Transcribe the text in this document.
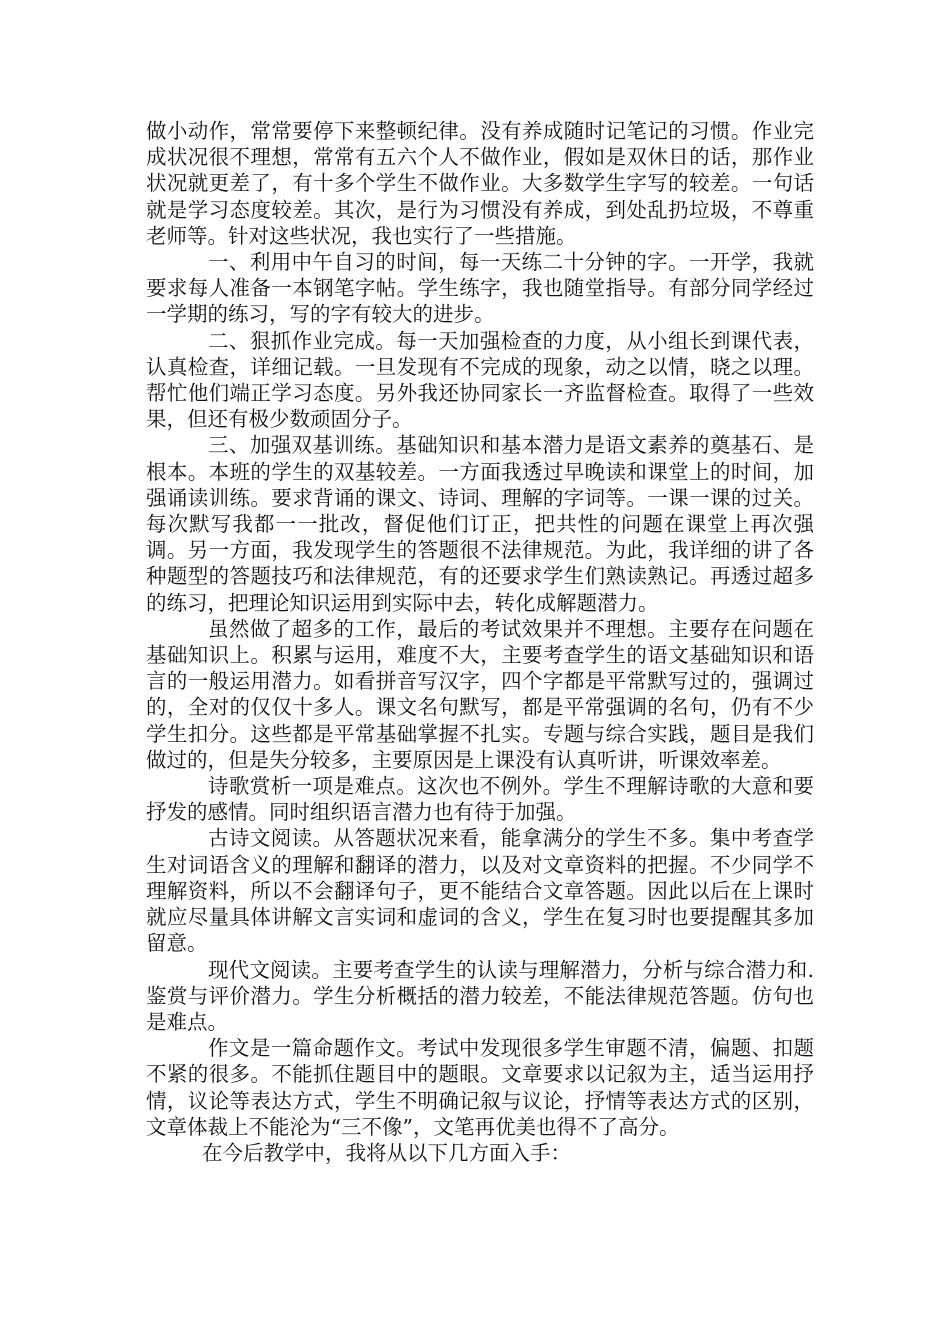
做小动作，常常要停下来整顿纪律。没有养成随时记笔记的习惯。作业完成状况很不理想，常常有五六个人不做作业，假如是双休日的话，那作业状况就更差了，有十多个学生不做作业。大多数学生字写的较差。一句话就是学习态度较差。其次，是行为习惯没有养成，到处乱扔垃圾，不尊重老师等。针对这些状况，我也实行了一些措施。

一、利用中午自习的时间，每一天练二十分钟的字。一开学，我就要求每人准备一本钢笔字帖。学生练字，我也随堂指导。有部分同学经过一学期的练习，写的字有较大的进步。

二、狠抓作业完成。每一天加强检查的力度，从小组长到课代表，认真检查，详细记载。一旦发现有不完成的现象，动之以情，晓之以理。帮忙他们端正学习态度。另外我还协同家长一齐监督检查。取得了一些效果，但还有极少数顽固分子。

三、加强双基训练。基础知识和基本潜力是语文素养的奠基石、是根本。本班的学生的双基较差。一方面我透过早晚读和课堂上的时间，加强诵读训练。要求背诵的课文、诗词、理解的字词等。一课一课的过关。每次默写我都一一批改，督促他们订正，把共性的问题在课堂上再次强调。另一方面，我发现学生的答题很不法律规范。为此，我详细的讲了各种题型的答题技巧和法律规范，有的还要求学生们熟读熟记。再透过超多的练习，把理论知识运用到实际中去，转化成解题潜力。

虽然做了超多的工作，最后的考试效果并不理想。主要存在问题在基础知识上。积累与运用，难度不大，主要考查学生的语文基础知识和语言的一般运用潜力。如看拼音写汉字，四个字都是平常默写过的，强调过的，全对的仅仅十多人。课文名句默写，都是平常强调的名句，仍有不少学生扣分。这些都是平常基础掌握不扎实。专题与综合实践，题目是我们做过的，但是失分较多，主要原因是上课没有认真听讲，听课效率差。

诗歌赏析一项是难点。这次也不例外。学生不理解诗歌的大意和要抒发的感情。同时组织语言潜力也有待于加强。

古诗文阅读。从答题状况来看，能拿满分的学生不多。集中考查学生对词语含义的理解和翻译的潜力，以及对文章资料的把握。不少同学不理解资料，所以不会翻译句子，更不能结合文章答题。因此以后在上课时就应尽量具体讲解文言实词和虚词的含义，学生在复习时也要提醒其多加留意。

现代文阅读。主要考查学生的认读与理解潜力，分析与综合潜力和.鉴赏与评价潜力。学生分析概括的潜力较差，不能法律规范答题。仿句也是难点。

作文是一篇命题作文。考试中发现很多学生审题不清，偏题、扣题不紧的很多。不能抓住题目中的题眼。文章要求以记叙为主，适当运用抒情，议论等表达方式，学生不明确记叙与议论，抒情等表达方式的区别，文章体裁上不能沦为“三不像”，文笔再优美也得不了高分。

在今后教学中，我将从以下几方面入手：
